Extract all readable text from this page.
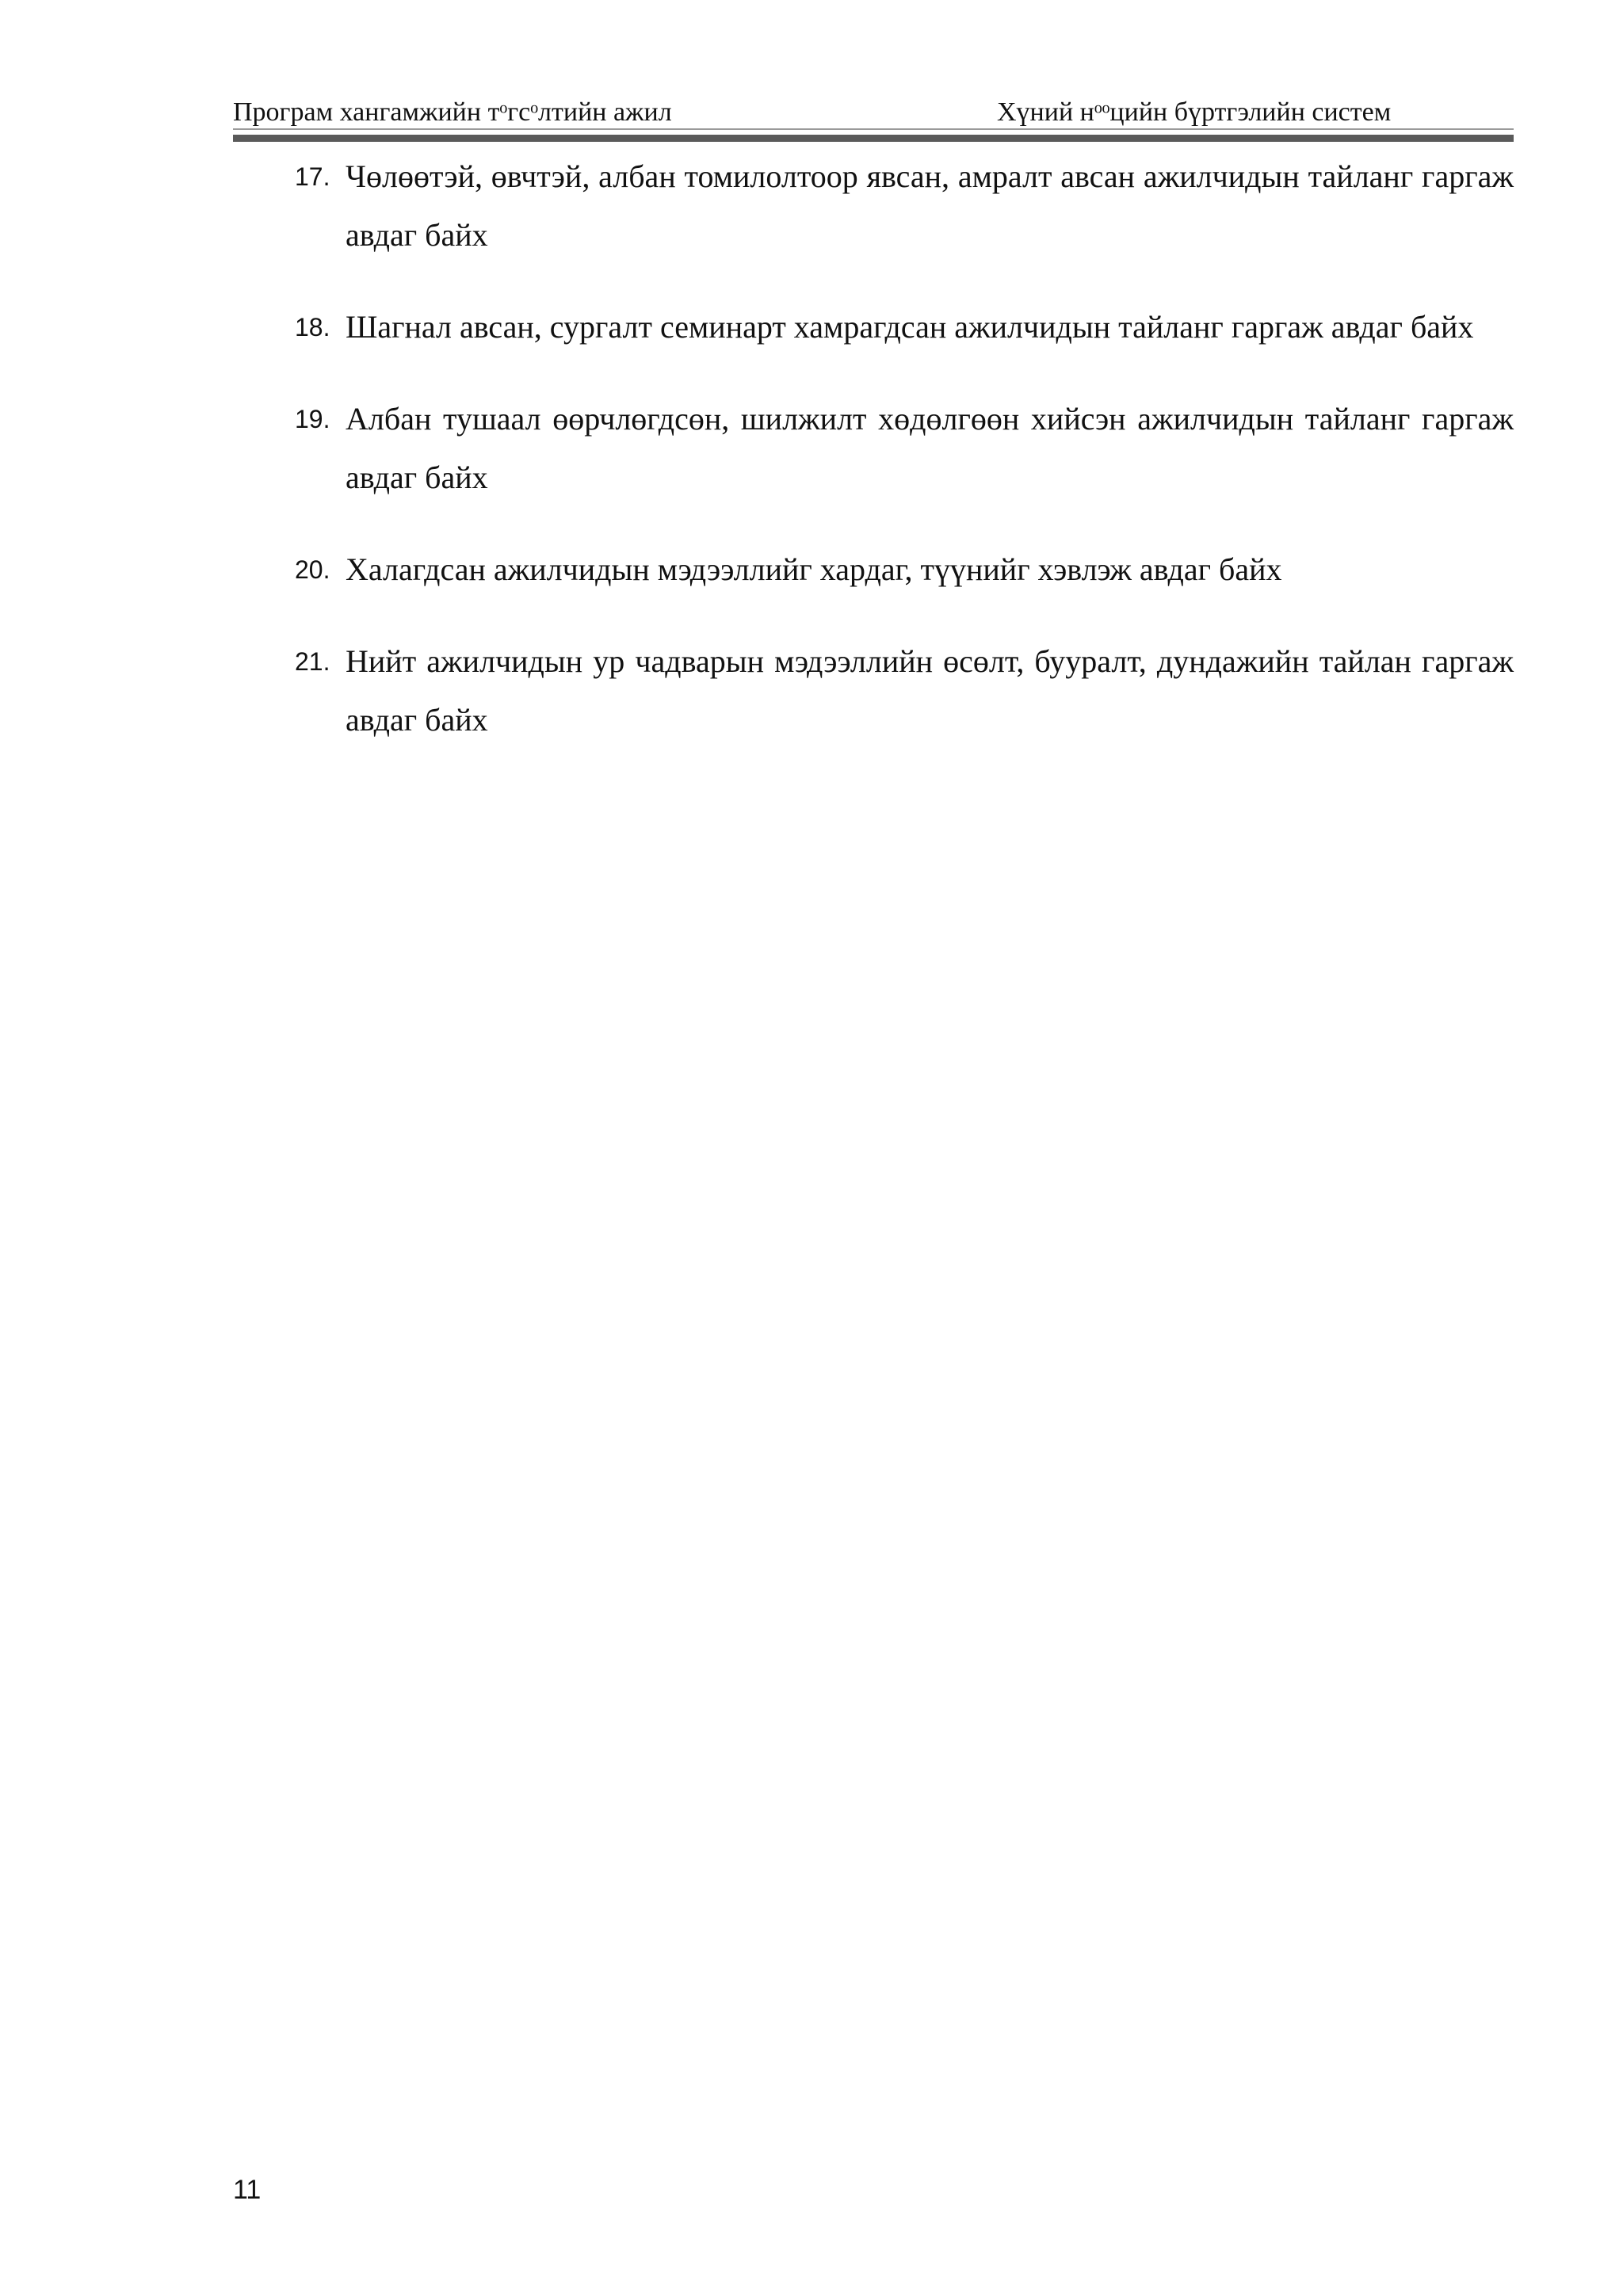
Програм хангамжийн тᵒгсᵒлтийн ажил	Хүний нᵒᵒцийн бүртгэлийн систем
17. Чөлөөтэй, өвчтэй, албан томилолтоор явсан, амралт авсан ажилчидын тайланг гаргаж авдаг байх
18. Шагнал авсан, сургалт семинарт хамрагдсан ажилчидын тайланг гаргаж авдаг байх
19. Албан тушаал өөрчлөгдсөн, шилжилт хөдөлгөөн хийсэн ажилчидын тайланг гаргаж авдаг байх
20. Халагдсан ажилчидын мэдээллийг хардаг, түүнийг хэвлэж авдаг байх
21. Нийт ажилчидын ур чадварын мэдээллийн өсөлт, бууралт, дундажийн тайлан гаргаж авдаг байх
11
